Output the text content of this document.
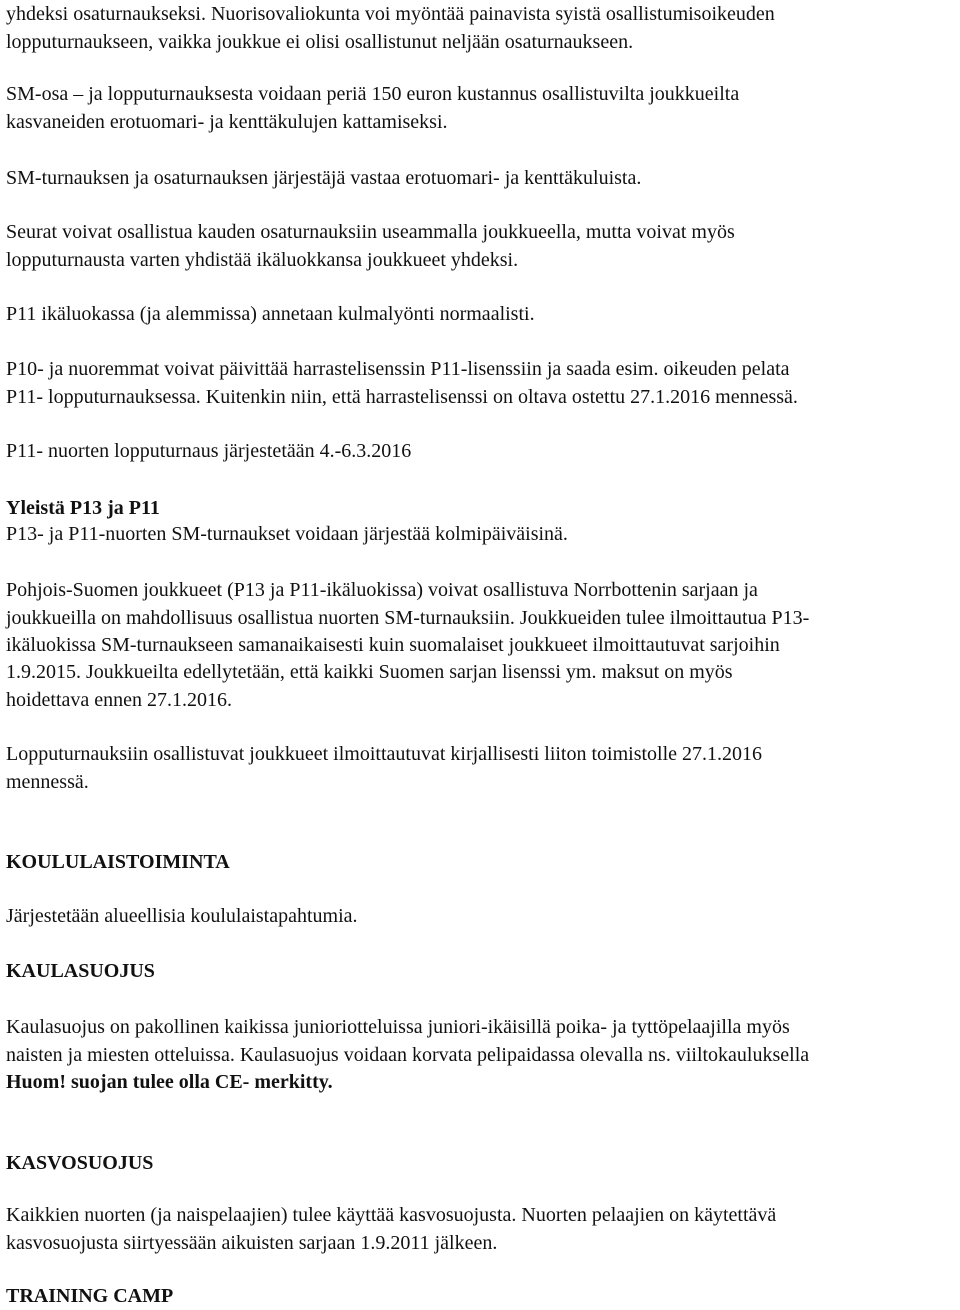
yhdeksi osaturnaukseksi. Nuorisovaliokunta voi myöntää painavista syistä osallistumisoikeuden
lopputurnaukseen, vaikka joukkue ei olisi osallistunut neljään osaturnaukseen.
SM-osa – ja lopputurnauksesta voidaan periä 150 euron kustannus osallistuvilta joukkueilta
kasvaneiden erotuomari- ja kenttäkulujen kattamiseksi.
SM-turnauksen ja osaturnauksen järjestäjä vastaa erotuomari- ja kenttäkuluista.
Seurat voivat osallistua kauden osaturnauksiin useammalla joukkueella, mutta voivat myös
lopputurnausta varten yhdistää ikäluokkansa joukkueet yhdeksi.
P11 ikäluokassa (ja alemmissa) annetaan kulmalyönti normaalisti.
P10- ja nuoremmat voivat päivittää harrastelisenssin P11-lisenssiin ja saada esim. oikeuden pelata
P11- lopputurnauksessa. Kuitenkin niin, että harrastelisenssi on oltava ostettu 27.1.2016 mennessä.
P11- nuorten lopputurnaus järjestetään 4.-6.3.2016
Yleistä P13 ja P11
P13- ja P11-nuorten SM-turnaukset voidaan järjestää kolmipäiväisinä.
Pohjois-Suomen joukkueet (P13 ja P11-ikäluokissa) voivat osallistuva Norrbottenin sarjaan ja
joukkueilla on mahdollisuus osallistua nuorten SM-turnauksiin. Joukkueiden tulee ilmoittautua P13-
ikäluokissa SM-turnaukseen samanaikaisesti kuin suomalaiset joukkueet ilmoittautuvat sarjoihin
1.9.2015. Joukkueilta edellytetään, että kaikki Suomen sarjan lisenssi ym. maksut on myös
hoidettava ennen 27.1.2016.
Lopputurnauksiin osallistuvat joukkueet ilmoittautuvat kirjallisesti liiton toimistolle 27.1.2016
mennessä.
KOULULAISTOIMINTA
Järjestetään alueellisia koululaistapahtumia.
KAULASUOJUS
Kaulasuojus on pakollinen kaikissa junioriotteluissa juniori-ikäisillä poika- ja tyttöpelaajilla myös
naisten ja miesten otteluissa. Kaulasuojus voidaan korvata pelipaidassa olevalla ns. viiltokauluksella
Huom! suojan tulee olla CE- merkitty.
KASVOSUOJUS
Kaikkien nuorten (ja naispelaajien) tulee käyttää kasvosuojusta. Nuorten pelaajien on käytettävä
kasvosuojusta siirtyessään aikuisten sarjaan 1.9.2011 jälkeen.
TRAINING CAMP
